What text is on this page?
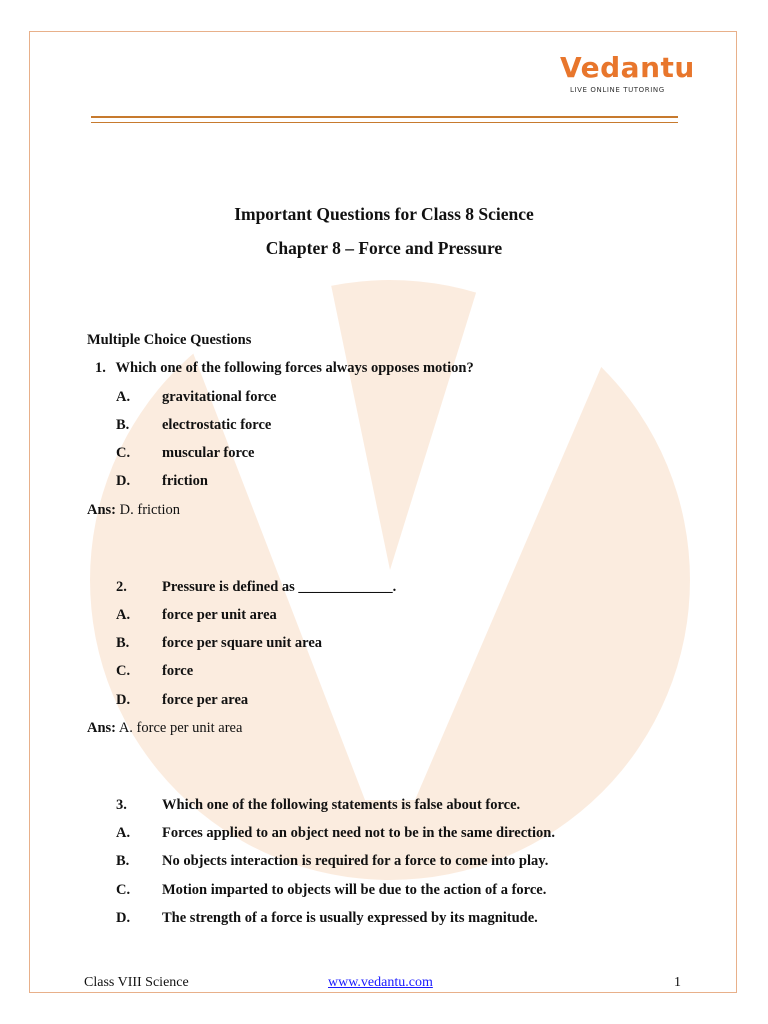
Vedantu
LIVE ONLINE TUTORING
Important Questions for Class 8 Science
Chapter 8 – Force and Pressure
Multiple Choice Questions
1. Which one of the following forces always opposes motion?
A. gravitational force
B. electrostatic force
C. muscular force
D. friction
Ans: D. friction
2. Pressure is defined as _____________.
A. force per unit area
B. force per square unit area
C. force
D. force per area
Ans: A. force per unit area
3. Which one of the following statements is false about force.
A. Forces applied to an object need not to be in the same direction.
B. No objects interaction is required for a force to come into play.
C. Motion imparted to objects will be due to the action of a force.
D. The strength of a force is usually expressed by its magnitude.
Class VIII Science	www.vedantu.com	1
